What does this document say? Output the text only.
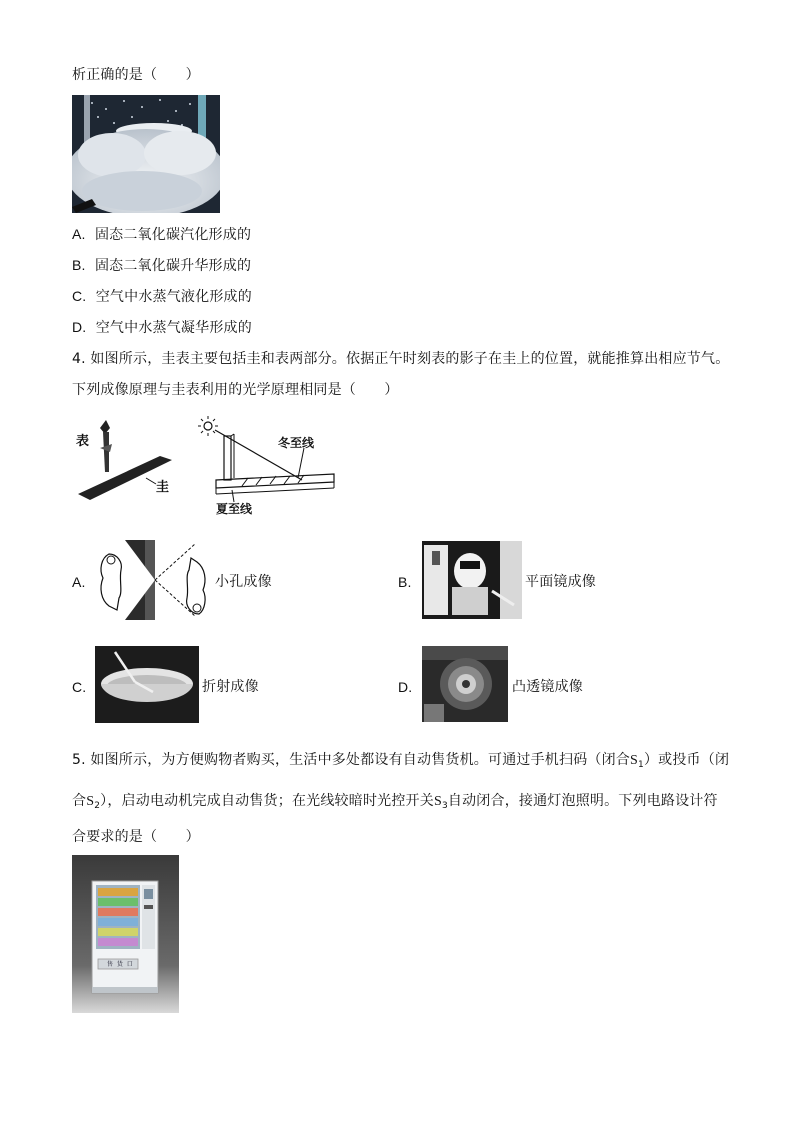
析正确的是（　　）
A. 固态二氧化碳汽化形成的
B. 固态二氧化碳升华形成的
C. 空气中水蒸气液化形成的
D. 空气中水蒸气凝华形成的
4. 如图所示，圭表主要包括圭和表两部分。依据正午时刻表的影子在圭上的位置，就能推算出相应节气。
下列成像原理与圭表利用的光学原理相同是（　　）
表
圭
冬至线
夏至线
A.	小孔成像	B.	平面镜成像
C.	折射成像	D.	凸透镜成像
5. 如图所示，为方便购物者购买，生活中多处都设有自动售货机。可通过手机扫码（闭合$S_1$）或投币（闭
合$S_2$），启动电动机完成自动售货；在光线较暗时光控开关$S_3$自动闭合，接通灯泡照明。下列电路设计符
合要求的是（　　）
售 货 口
